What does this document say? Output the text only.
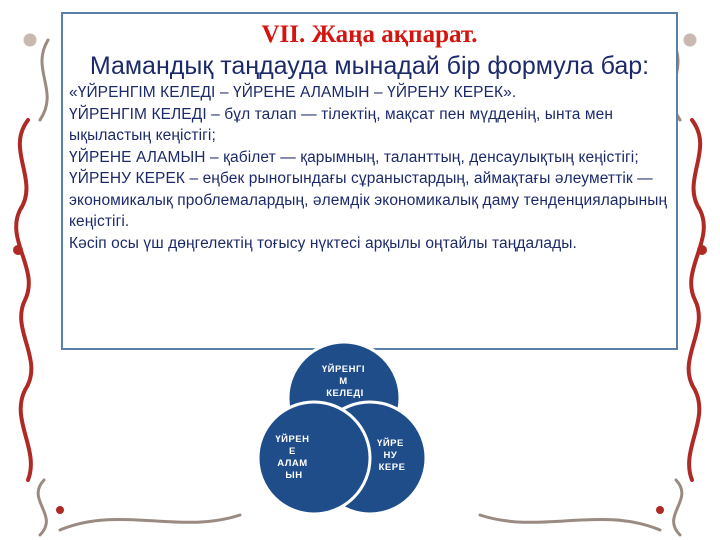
VII. Жаңа ақпарат.
Мамандық таңдауда мынадай бір формула бар:

«ҮЙРЕНГІМ КЕЛЕДІ – ҮЙРЕНЕ АЛАМЫН – ҮЙРЕНУ КЕРЕК».

ҮЙРЕНГІМ КЕЛЕДІ – бұл талап — тілектің, мақсат пен мүдденің, ынта мен ықыластың кеңістігі;

ҮЙРЕНЕ АЛАМЫН – қабілет — қарымның, таланттың, денсаулықтың кеңістігі;

ҮЙРЕНУ КЕРЕК – еңбек рыногындағы сұраныстардың, аймақтағы әлеуметтік — экономикалық проблемалардың, әлемдік экономикалық даму тенденцияларының кеңістігі.

Кәсіп осы үш дөңгелектің тоғысу нүктесі арқылы оңтайлы таңдалады.

ҮЙРЕНГІ М КЕЛЕДІ
ҮЙРЕН Е АЛАМ ЫН
ҮЙРЕ НУ КЕРЕ
